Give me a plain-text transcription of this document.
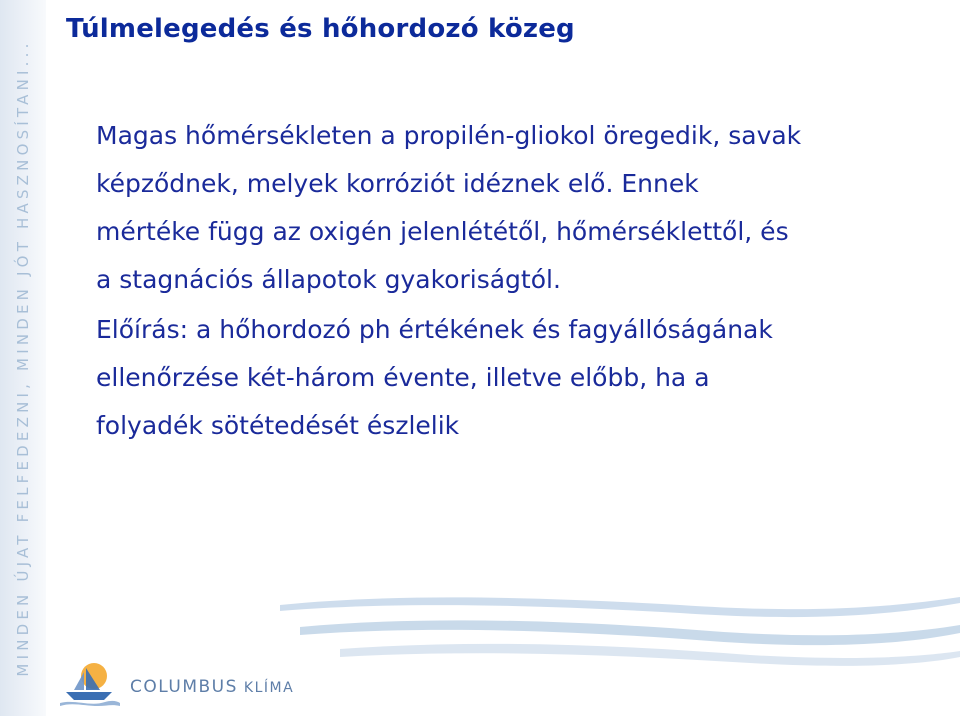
MINDEN ÚJAT FELFEDEZNI, MINDEN JÓT HASZNOSÍTANI...
Túlmelegedés és hőhordozó közeg

Magas hőmérsékleten a propilén-gliokol öregedik, savak
képződnek, melyek korróziót idéznek elő. Ennek
mértéke függ az oxigén jelenlététől, hőmérséklettől, és
a stagnációs állapotok gyakoriságtól.

Előírás: a hőhordozó ph értékének és fagyállóságának
ellenőrzése két-három évente, illetve előbb, ha a
folyadék sötétedését észlelik

COLUMBUS KLÍMA
